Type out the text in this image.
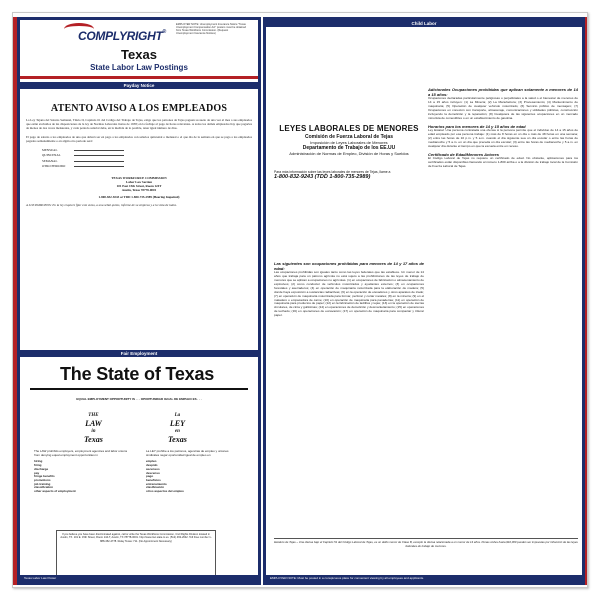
COMPLYRIGHT®
EMPLOYER NOTE: Unemployment Insurance Notice "Texas Unemployment Compensation Act" posters must be obtained from Texas Workforce Commission. (Request Unemployment Insurance Notices)
Texas
State Labor Law Postings
Payday Notice
ATENTO AVISO A LOS EMPLEADOS
La Ley Tejana del Salario Semanal, Título II, Capítulo 61 del Código del Trabajo de Tejas, exige que los patronos de Tejas paguen su suelo de una vez al mes a sus empleados que están excluidos de las disposiciones de la ley de Normas Laborales Justas de 1938; en la fechaje al pago de horas relevantes. A todos los demás empleados hay que pagarles de menos de dos veces mensuales, y cada período salarial debe, en la medida de lo posible, tener igual número de días.
El pago de salario a los empleados de uno que deberá ser en pago a los empleados con salarios quincenal o mensual o el que día de la semana en que se paga a los empleados pagados semanalmente o en algún otro período será:
MENSUAL
QUINCENAL
SEMANAL
OTRO PERIODO
TEXAS WORKFORCE COMMISSION
Labor Law Section
101 East 15th Street, Room 124T
Austin, Texas 78778-0001
1-800-832-9243 or TDD 1-800-735-2989 (Hearing Impaired)
A LOS PATRONOS: En la ley requiere fijar este aviso, a una señal quites, informe de su empresa y a la vista de todos.
Fair Employment
The State of Texas
EQUAL EMPLOYMENT OPPORTUNITY IS . . . OPORTUNIDAD IGUAL DE EMPLEO ES . . .
THE
LAW
in
Texas
La
LEY
en
Texas
The LAW prohibits employers, employment agencies and labor unions from denying equal employment opportunities in
hiring
firing
discharge
pay
fringe benefits
promotions
job training
classification
other aspects of employment
La LEY prohibe a los patronos, agencias de empleo y uniones sindicales negar oportunidad igual de empleo en
empleo
despido
ascensos
descenso
pago
beneficios
entrenamiento
clasificación
otros aspectos del empleo
If you believe you have been discriminated against, call or write the Texas Workforce Commission, Civil Rights Division located in Austin, TX. 101 E. 15th Street, Room 144-T, Austin, TX 78778-0001. http://www.twc.state.tx.us. (512) 463-2642. Toll Free number 1-888-452-4778. Relay Texas: 711. (No Appointment Necessary)
Texas Labor Law Poster
Child Labor
LEYES LABORALES DE MENORES
Comisión de Fuerza Laboral de Tejas
Imposición de Leyes Laborales de Menores
Departamento de Trabajo de los EE.UU
Administración de Normas de Empleo, División de Horas y Sueldos
Para más información sobre las leyes laborales de menores de Tejas, llame a
1-800-832-9243 (TDD 1-800-735-2989)
Las siguientes son ocupaciones prohibidas para menores de 14 y 17 años de edad:
Las ocupaciones prohibidas son iguales tanto como las leyes federales que las establece. Un menor de 14 años que trabaja para un patrono agrícola no está sujeto a las prohibiciones de las leyes de trabajo de menores que se aplican a ocupaciones no agrícolas. (1) en ocupaciones de fabricación o almacenamiento de explosivos; (2) como conductor de vehículos motorizados y ayudantes externos; (3) en ocupaciones forestales y aserraderos; (4) en operación de maquinaria motorizada para la elaboración de madera; (5) donde haya exposición a sustancias radiactivas; (6) en la operación de elevadores y otros aparatos de izado; (7) en operación de maquinaria motorizada para formar, perforar y cortar metales; (8) en la minería; (9) en el matadero o empacadora de carne; (10) en operación de maquinaria para panaderías; (11) en operación de maquinaria para productos de papel; (12) en la fabricación de ladrillos y tejas; (13) en la operación de sierras circulares, de cinta y guillotinas; (14) en operaciones de demolición y desmantelamiento; (15) en operaciones de techado; (16) en operaciones de excavación; (17) en operación de maquinaria para compactar y triturar papel.
Adicionales Ocupaciones prohibidas que aplican solamente a menores de 14 a 15 años:
Ocupaciones declaradas particularmente peligrosas o perjudiciales a la salud o el bienestar de menores de 14 a 15 años incluyen: (1) La Minería; (2) La Manufactura; (3) Procesamiento; (4) Mantenimiento de maquinaria; (5) Operación de cualquier vehículo motorizado; (6) Servicio público de mensajero; (7) Ocupaciones en conexión con transporte, almacenaje, comunicaciones y utilidades públicas, construcción incluyendo la demolición y la reparación; (8) Cualquiera de las siguientes ocupaciones en un mercado minorista de comestibles o en un establecimiento de gasolina.
Horarios para los menores de 14 y 15 años de edad
Ley Estatal: Una persona contratada una ofensa si la persona permite que el individuo de 14 a 15 años de edad empleado por esa persona trabaje: (1) más de 8 horas en un día o más de 48 horas en una semana; (2) entre las horas de 10 p.m. y 5 a.m. cuando el día siguiente sea un día escolar o entre las horas de medianoche y 5 a.m. en un día que preceda un día escolar; (3) entre las horas de medianoche y 5 a.m. en cualquier día durante el tiempo en que la escuela entre en receso.
Certificado de Edad/Menores Actores
El Código Laboral de Tejas no requiere un certificado de edad. No obstante, aplicaciones para los certificados están disponibles llamando al número 1-800 arriba o a la división de trabajo local de la Comisión de Fuerza Laboral de Tejas.
Estatuto de Tejas – Una ofensa bajo el Capítulo 51 del Código Laboral de Tejas, es un delito menor de Clase B, excepto la ofensa relacionada a un menor de 14 años. Penas civiles hasta $10,000 pueden ser impuestas por infracción de las leyes federales de trabajo de menores.
EMPLOYER NOTE: Must be posted in a conspicuous place for convenient viewing by all employees and applicants.
